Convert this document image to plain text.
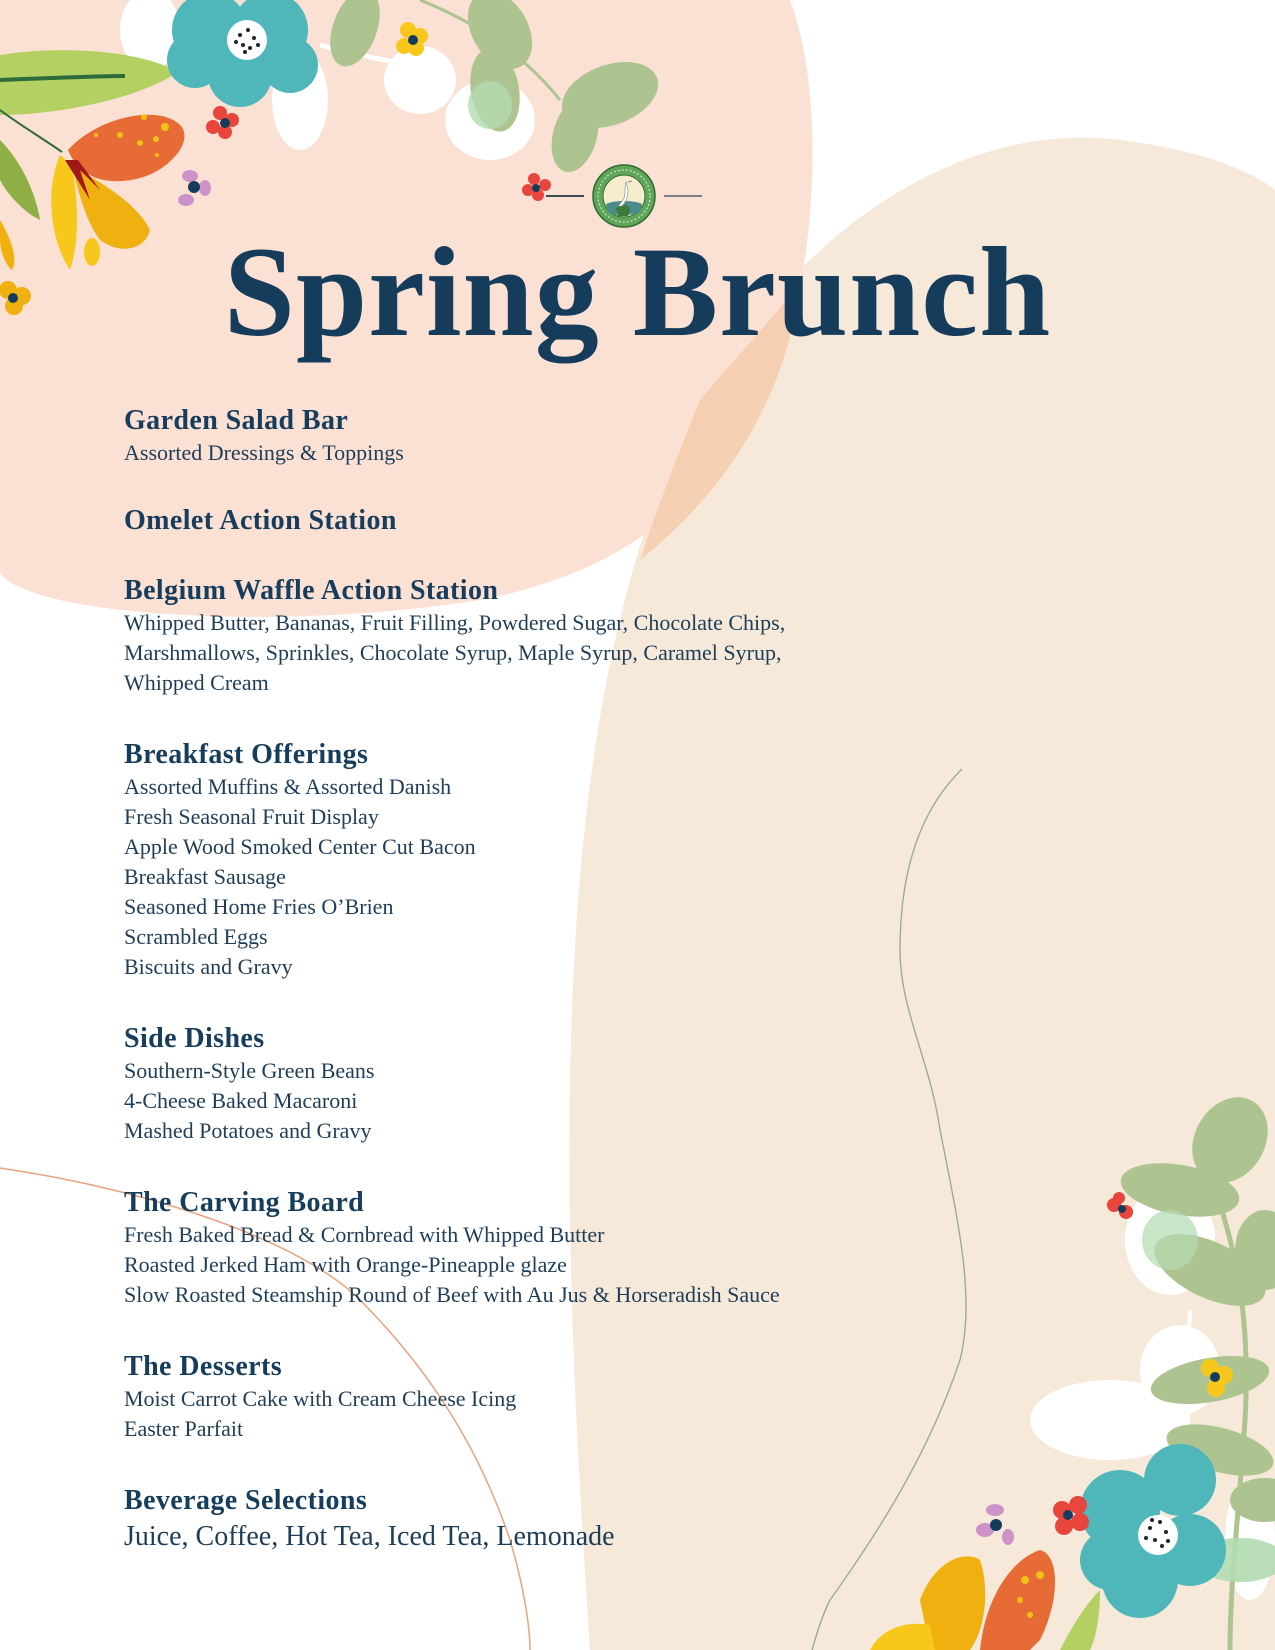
Spring Brunch
Garden Salad Bar

Assorted Dressings & Toppings

Omelet Action Station
Belgium Waffle Action Station

Whipped Butter, Bananas, Fruit Filling, Powdered Sugar, Chocolate Chips,

Marshmallows, Sprinkles, Chocolate Syrup, Maple Syrup, Caramel Syrup,

Whipped Cream

Breakfast Offerings

Assorted Muffins & Assorted Danish

Fresh Seasonal Fruit Display

Apple Wood Smoked Center Cut Bacon

Breakfast Sausage

Seasoned Home Fries O’Brien

Scrambled Eggs

Biscuits and Gravy

Side Dishes

Southern-Style Green Beans

4-Cheese Baked Macaroni

Mashed Potatoes and Gravy

The Carving Board

Fresh Baked Bread & Cornbread with Whipped Butter

Roasted Jerked Ham with Orange-Pineapple glaze

Slow Roasted Steamship Round of Beef with Au Jus & Horseradish Sauce

The Desserts

Moist Carrot Cake with Cream Cheese Icing

Easter Parfait

Beverage Selections

Juice, Coffee, Hot Tea, Iced Tea, Lemonade
